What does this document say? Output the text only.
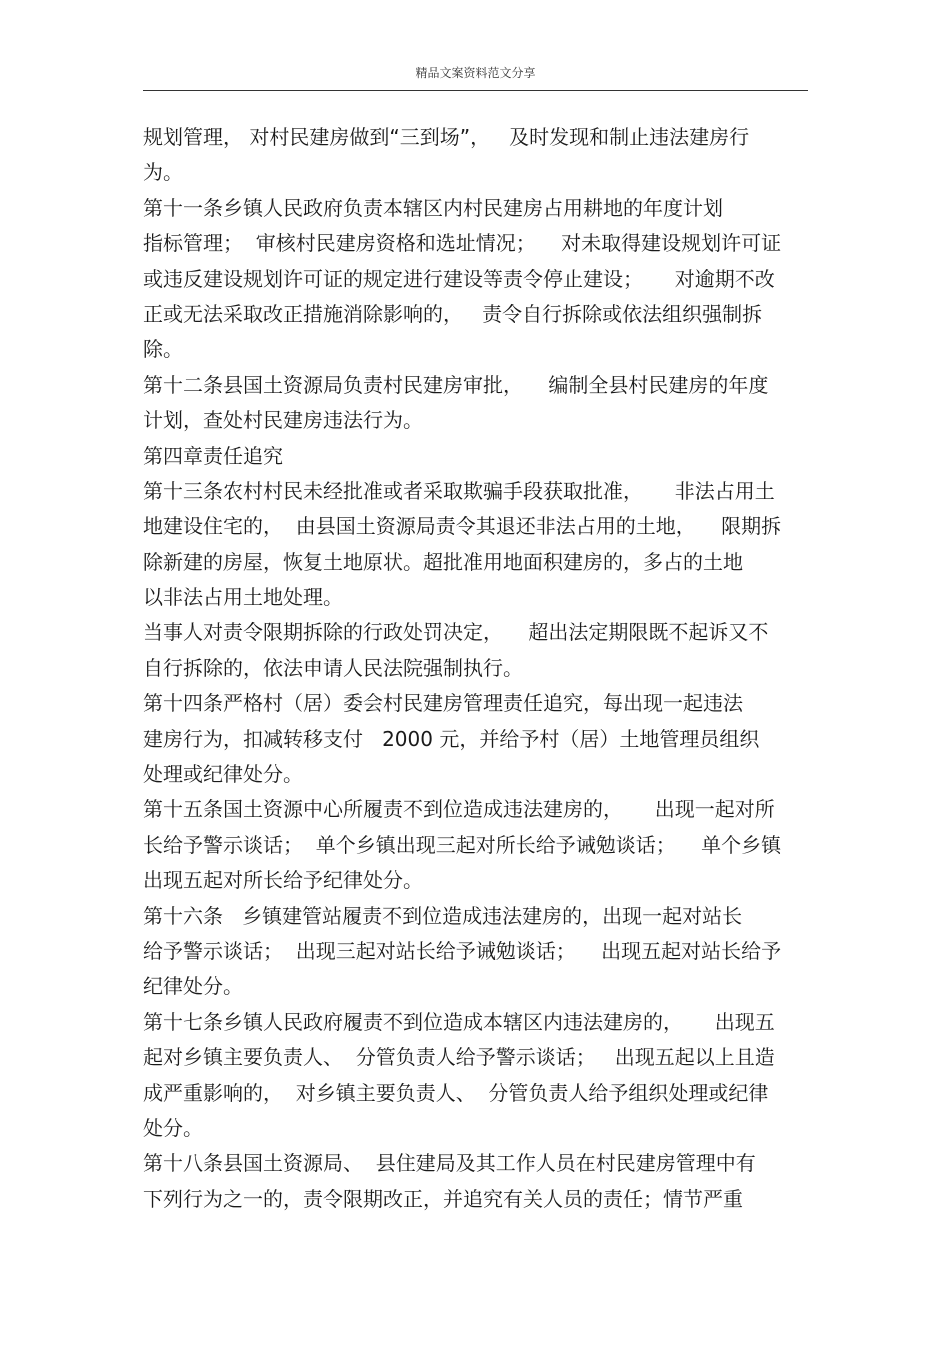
精品文案资料范文分享
规划管理， 对村民建房做到“三到场”，   及时发现和制止违法建房行
为。
第十一条乡镇人民政府负责本辖区内村民建房占用耕地的年度计划
指标管理；  审核村民建房资格和选址情况；    对未取得建设规划许可证
或违反建设规划许可证的规定进行建设等责令停止建设；     对逾期不改
正或无法采取改正措施消除影响的，   责令自行拆除或依法组织强制拆
除。
第十二条县国土资源局负责村民建房审批，    编制全县村民建房的年度
计划，查处村民建房违法行为。
第四章责任追究
第十三条农村村民未经批准或者采取欺骗手段获取批准，     非法占用土
地建设住宅的，  由县国土资源局责令其退还非法占用的土地，    限期拆
除新建的房屋，恢复土地原状。超批准用地面积建房的，多占的土地
以非法占用土地处理。
当事人对责令限期拆除的行政处罚决定，    超出法定期限既不起诉又不
自行拆除的，依法申请人民法院强制执行。
第十四条严格村（居）委会村民建房管理责任追究，每出现一起违法
建房行为，扣减转移支付   2000 元，并给予村（居）土地管理员组织
处理或纪律处分。
第十五条国土资源中心所履责不到位造成违法建房的，     出现一起对所
长给予警示谈话；  单个乡镇出现三起对所长给予诫勉谈话；    单个乡镇
出现五起对所长给予纪律处分。
第十六条   乡镇建管站履责不到位造成违法建房的，出现一起对站长
给予警示谈话；  出现三起对站长给予诫勉谈话；    出现五起对站长给予
纪律处分。
第十七条乡镇人民政府履责不到位造成本辖区内违法建房的，     出现五
起对乡镇主要负责人、  分管负责人给予警示谈话；   出现五起以上且造
成严重影响的，  对乡镇主要负责人、  分管负责人给予组织处理或纪律
处分。
第十八条县国土资源局、  县住建局及其工作人员在村民建房管理中有
下列行为之一的，责令限期改正，并追究有关人员的责任；情节严重
